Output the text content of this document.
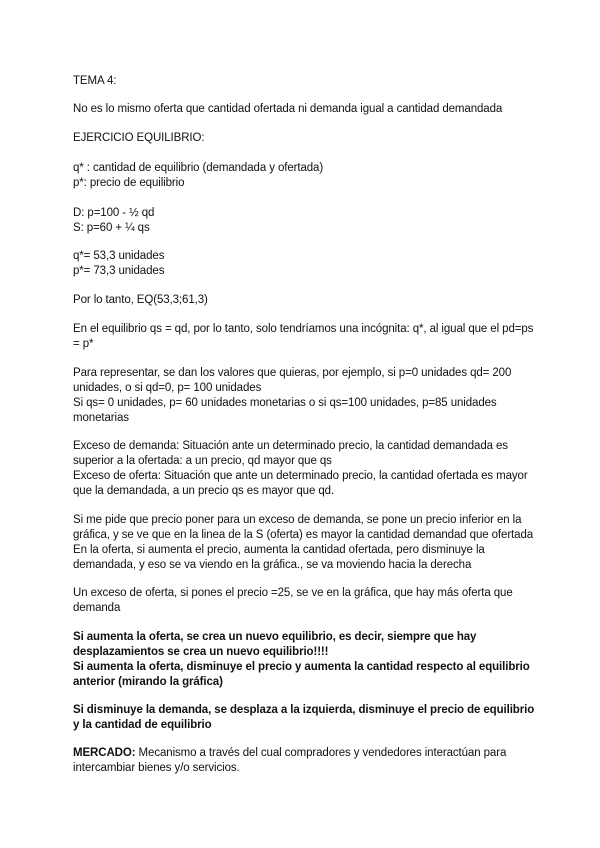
TEMA 4:
No es lo mismo oferta que cantidad ofertada ni demanda igual a cantidad demandada
EJERCICIO EQUILIBRIO:
q* : cantidad de equilibrio (demandada y ofertada)
p*: precio de equilibrio
D: p=100 - ½ qd
S: p=60 + ¼ qs
q*= 53,3 unidades
p*= 73,3 unidades
Por lo tanto, EQ(53,3;61,3)
En el equilibrio qs = qd, por lo tanto, solo tendríamos una incógnita: q*, al igual que el pd=ps
= p*
Para representar, se dan los valores que quieras, por ejemplo, si p=0 unidades qd= 200
unidades, o si qd=0, p= 100 unidades
Si qs= 0 unidades, p= 60 unidades monetarias o si qs=100 unidades, p=85 unidades
monetarias
Exceso de demanda: Situación ante un determinado precio, la cantidad demandada es
superior a la ofertada: a un precio, qd mayor que qs
Exceso de oferta: Situación que ante un determinado precio, la cantidad ofertada es mayor
que la demandada, a un precio qs es mayor que qd.
Si me pide que precio poner para un exceso de demanda, se pone un precio inferior en la
gráfica, y se ve que en la linea de la S (oferta) es mayor la cantidad demandad que ofertada
En la oferta, si aumenta el precio, aumenta la cantidad ofertada, pero disminuye la
demandada, y eso se va viendo en la gráfica., se va moviendo hacia la derecha
Un exceso de oferta, si pones el precio =25, se ve en la gráfica, que hay más oferta que
demanda
Si aumenta la oferta, se crea un nuevo equilibrio, es decir, siempre que hay
desplazamientos se crea un nuevo equilibrio!!!!
Si aumenta la oferta, disminuye el precio y aumenta la cantidad respecto al equilibrio
anterior (mirando la gráfica)
Si disminuye la demanda, se desplaza a la izquierda, disminuye el precio de equilibrio
y la cantidad de equilibrio
MERCADO: Mecanismo a través del cual compradores y vendedores interactúan para
intercambiar bienes y/o servicios.
